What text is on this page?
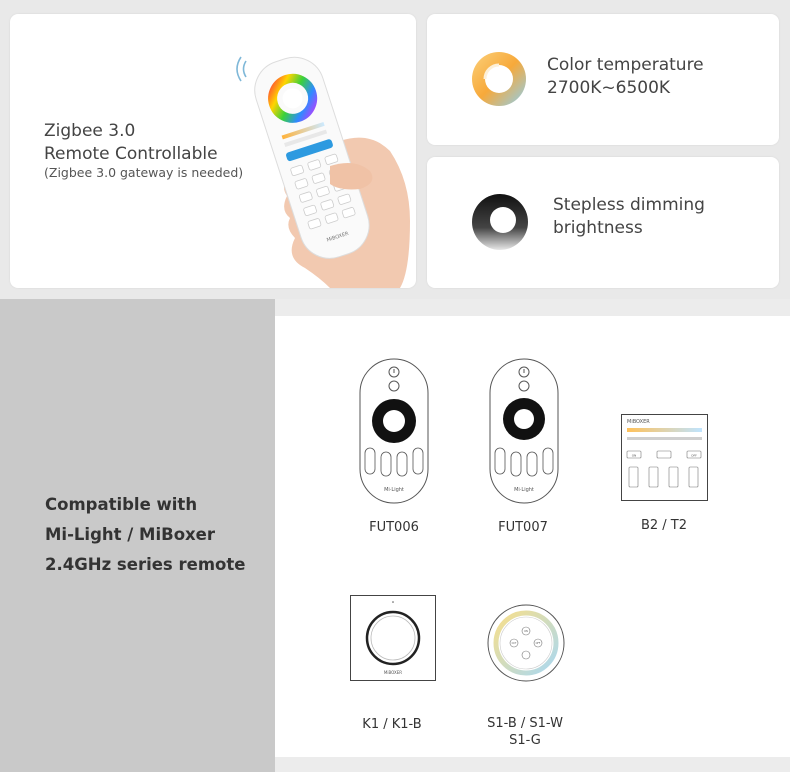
Zigbee 3.0
Remote Controllable
(Zigbee 3.0 gateway is needed)
MiBOXER
Color temperature
2700K~6500K
Stepless dimming
brightness
Compatible with
Mi-Light / MiBoxer
2.4GHz series remote
Mi·Light
FUT006
Mi·Light
FUT007
MiBOXER
ON	OFF
B2 / T2
MiBOXER
K1 / K1-B
ON
OFF
CCT
S1-B / S1-W
S1-G
